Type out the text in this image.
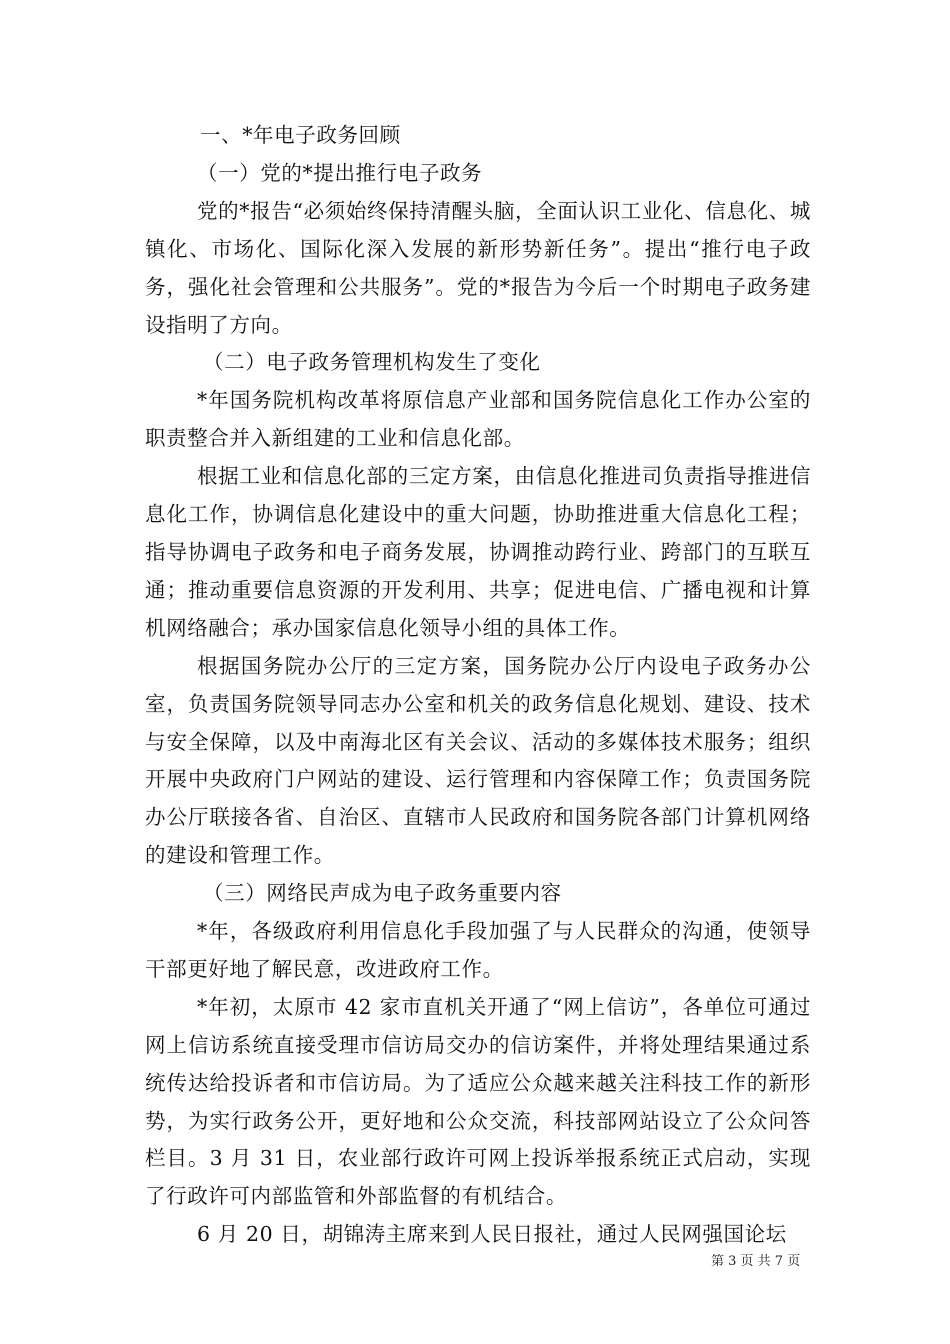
一、*年电子政务回顾

（一）党的*提出推行电子政务

党的*报告“必须始终保持清醒头脑，全面认识工业化、信息化、城镇化、市场化、国际化深入发展的新形势新任务”。提出“推行电子政务，强化社会管理和公共服务”。党的*报告为今后一个时期电子政务建设指明了方向。

（二）电子政务管理机构发生了变化

*年国务院机构改革将原信息产业部和国务院信息化工作办公室的职责整合并入新组建的工业和信息化部。

根据工业和信息化部的三定方案，由信息化推进司负责指导推进信息化工作，协调信息化建设中的重大问题，协助推进重大信息化工程；指导协调电子政务和电子商务发展，协调推动跨行业、跨部门的互联互通；推动重要信息资源的开发利用、共享；促进电信、广播电视和计算机网络融合；承办国家信息化领导小组的具体工作。

根据国务院办公厅的三定方案，国务院办公厅内设电子政务办公室，负责国务院领导同志办公室和机关的政务信息化规划、建设、技术与安全保障，以及中南海北区有关会议、活动的多媒体技术服务；组织开展中央政府门户网站的建设、运行管理和内容保障工作；负责国务院办公厅联接各省、自治区、直辖市人民政府和国务院各部门计算机网络的建设和管理工作。

（三）网络民声成为电子政务重要内容

*年，各级政府利用信息化手段加强了与人民群众的沟通，使领导干部更好地了解民意，改进政府工作。

*年初，太原市 42 家市直机关开通了“网上信访”，各单位可通过网上信访系统直接受理市信访局交办的信访案件，并将处理结果通过系统传达给投诉者和市信访局。为了适应公众越来越关注科技工作的新形势，为实行政务公开，更好地和公众交流，科技部网站设立了公众问答栏目。3 月 31 日，农业部行政许可网上投诉举报系统正式启动，实现了行政许可内部监管和外部监督的有机结合。

6 月 20 日，胡锦涛主席来到人民日报社，通过人民网强国论坛

第 3 页 共 7 页
